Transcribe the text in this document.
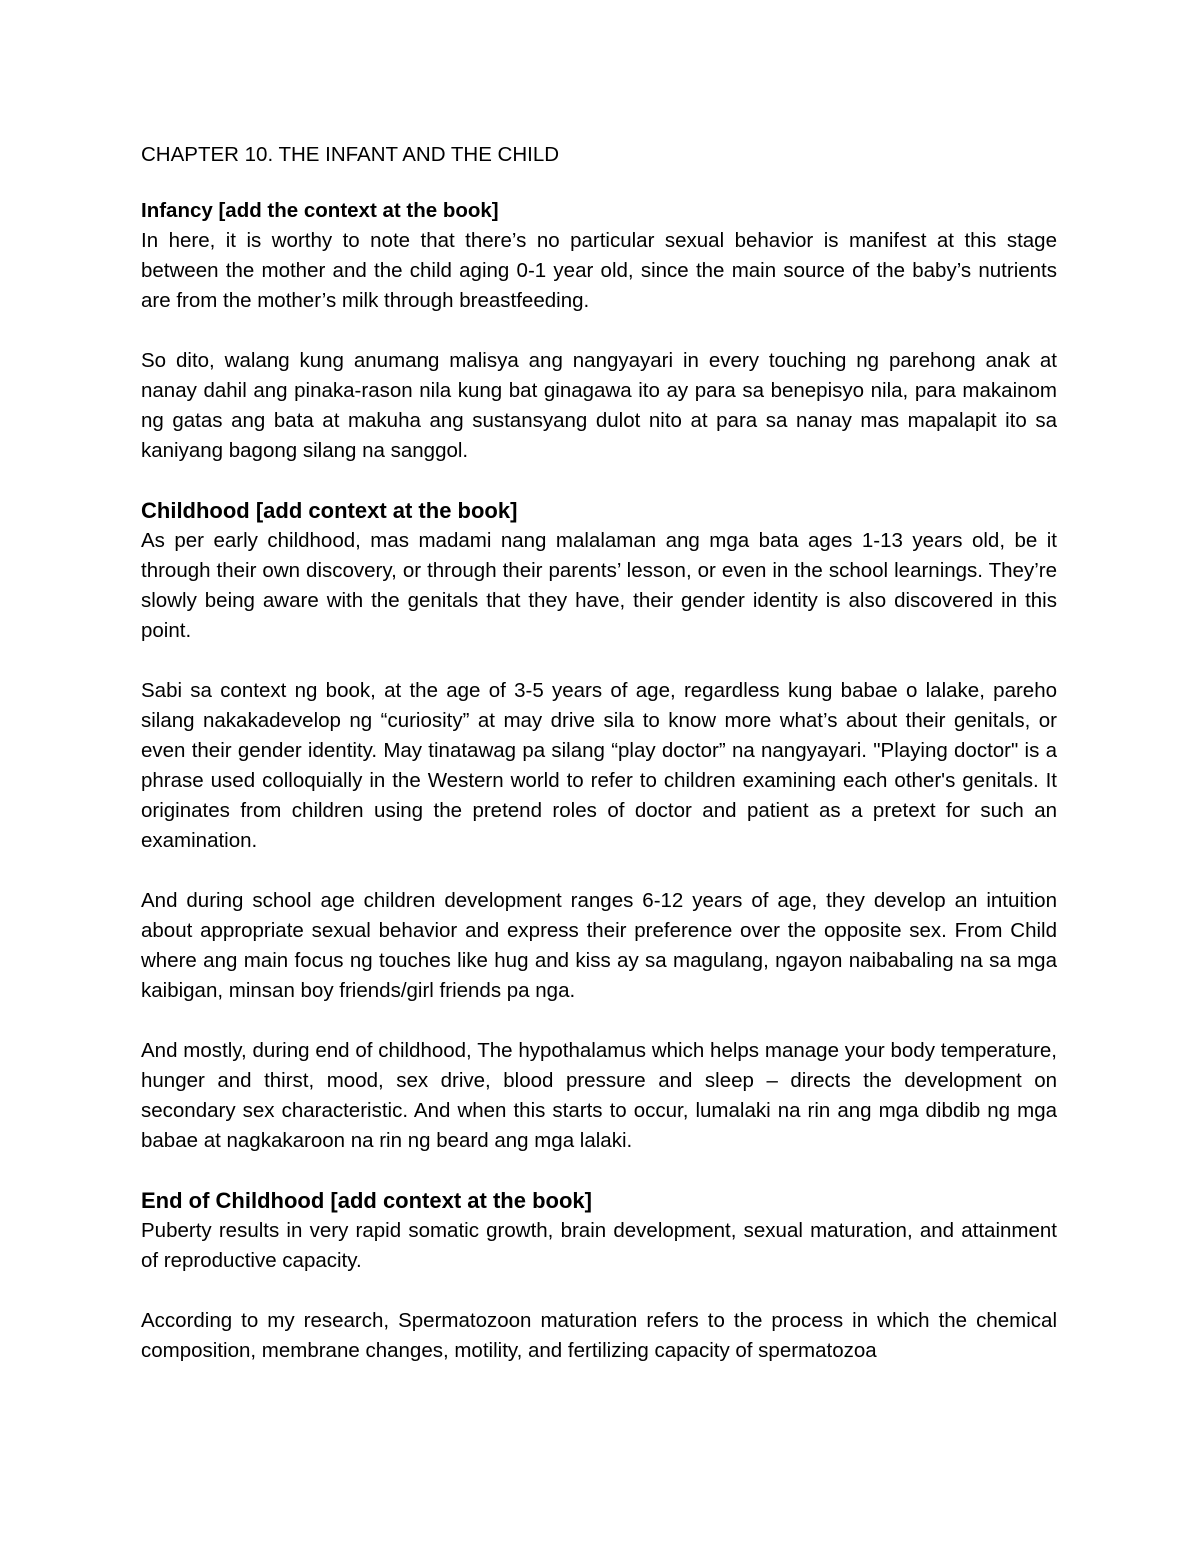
CHAPTER 10. THE INFANT AND THE CHILD

Infancy [add the context at the book]

In here, it is worthy to note that there’s no particular sexual behavior is manifest at this stage between the mother and the child aging 0-1 year old, since the main source of the baby’s nutrients are from the mother’s milk through breastfeeding.

So dito, walang kung anumang malisya ang nangyayari in every touching ng parehong anak at nanay dahil ang pinaka-rason nila kung bat ginagawa ito ay para sa benepisyo nila, para makainom ng gatas ang bata at makuha ang sustansyang dulot nito at para sa nanay mas mapalapit ito sa kaniyang bagong silang na sanggol.

Childhood [add context at the book]

As per early childhood, mas madami nang malalaman ang mga bata ages 1-13 years old, be it through their own discovery, or through their parents’ lesson, or even in the school learnings. They’re slowly being aware with the genitals that they have, their gender identity is also discovered in this point.

Sabi sa context ng book, at the age of 3-5 years of age, regardless kung babae o lalake, pareho silang nakakadevelop ng “curiosity” at may drive sila to know more what’s about their genitals, or even their gender identity. May tinatawag pa silang “play doctor” na nangyayari. "Playing doctor" is a phrase used colloquially in the Western world to refer to children examining each other's genitals. It originates from children using the pretend roles of doctor and patient as a pretext for such an examination.

And during school age children development ranges 6-12 years of age, they develop an intuition about appropriate sexual behavior and express their preference over the opposite sex. From Child where ang main focus ng touches like hug and kiss ay sa magulang, ngayon naibabaling na sa mga kaibigan, minsan boy friends/girl friends pa nga.

And mostly, during end of childhood, The hypothalamus which helps manage your body temperature, hunger and thirst, mood, sex drive, blood pressure and sleep – directs the development on secondary sex characteristic. And when this starts to occur, lumalaki na rin ang mga dibdib ng mga babae at nagkakaroon na rin ng beard ang mga lalaki.

End of Childhood [add context at the book]

Puberty results in very rapid somatic growth, brain development, sexual maturation, and attainment of reproductive capacity.

According to my research, Spermatozoon maturation refers to the process in which the chemical composition, membrane changes, motility, and fertilizing capacity of spermatozoa
